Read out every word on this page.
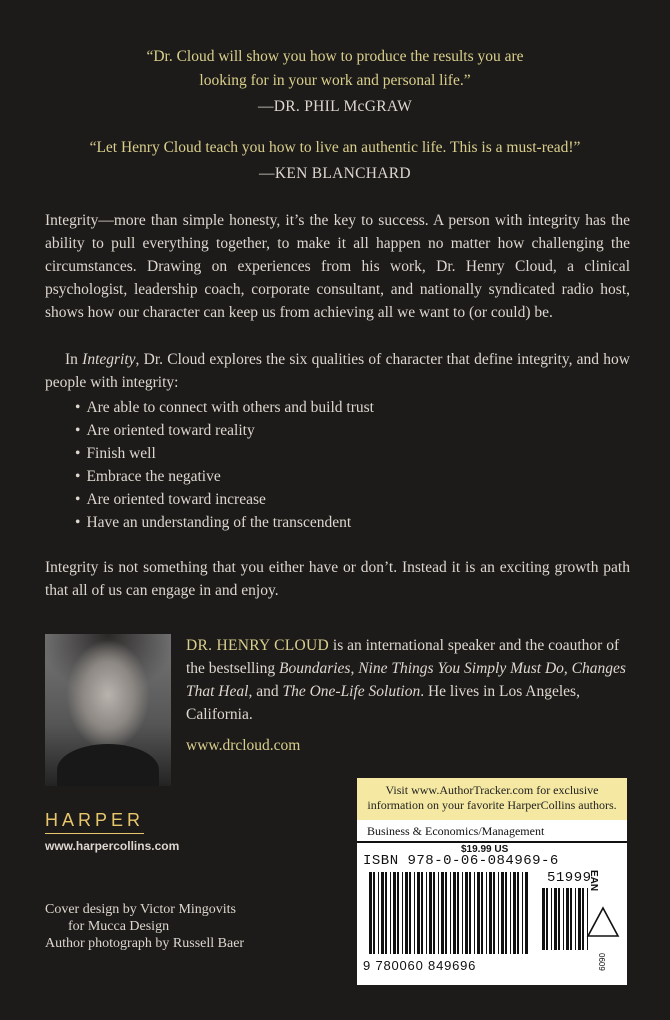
“Dr. Cloud will show you how to produce the results you are
looking for in your work and personal life.”
—DR. PHIL McGRAW
“Let Henry Cloud teach you how to live an authentic life. This is a must-read!”
—KEN BLANCHARD

Integrity—more than simple honesty, it’s the key to success. A person with integrity has the ability to pull everything together, to make it all happen no matter how challenging the circumstances. Drawing on experiences from his work, Dr. Henry Cloud, a clinical psychologist, leadership coach, corporate consultant, and nationally syndicated radio host, shows how our character can keep us from achieving all we want to (or could) be.

In Integrity, Dr. Cloud explores the six qualities of character that define integrity, and how people with integrity:

• Are able to connect with others and build trust
• Are oriented toward reality
• Finish well
• Embrace the negative
• Are oriented toward increase
• Have an understanding of the transcendent

Integrity is not something that you either have or don’t. Instead it is an exciting growth path that all of us can engage in and enjoy.

DR. HENRY CLOUD is an international speaker and the coauthor of the bestselling Boundaries, Nine Things You Simply Must Do, Changes That Heal, and The One-Life Solution. He lives in Los Angeles, California.

www.drcloud.com
HARPER
www.harpercollins.com
Cover design by Victor Mingovits
for Mucca Design
Author photograph by Russell Baer
Visit www.AuthorTracker.com for exclusive
information on your favorite HarperCollins authors.
Business & Economics/Management
$19.99 US
ISBN 978-0-06-084969-6
51999
EAN
9 780060 849696	0609
